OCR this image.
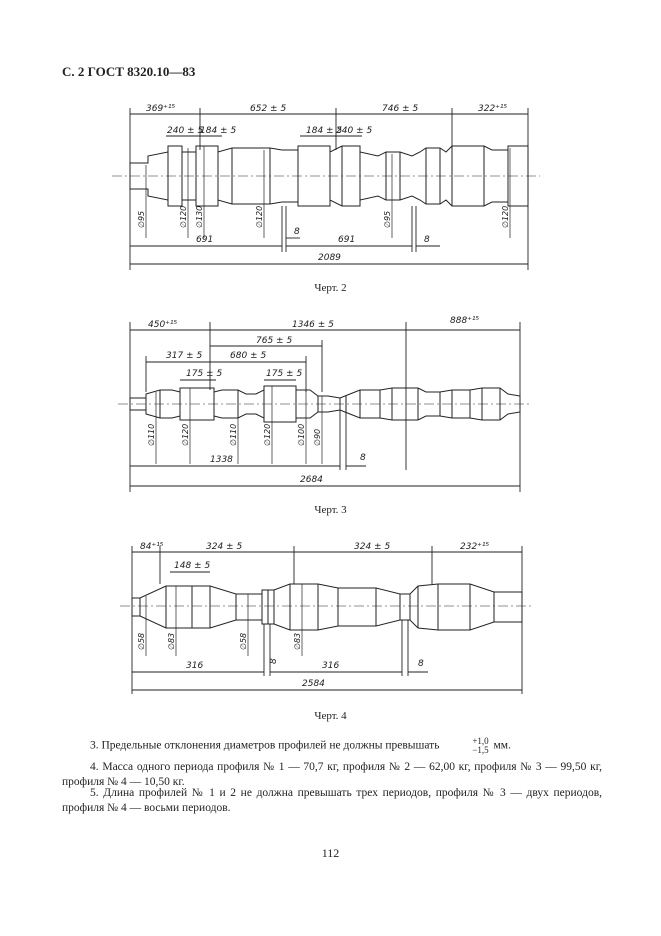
С. 2 ГОСТ 8320.10—83
369⁺¹⁵	652 ± 5	746 ± 5	322⁺¹⁵
240 ± 5
184 ± 5	184 ± 5
240 ± 5
∅95	∅120 ∅130	∅120	∅95	∅120
691
8
691	8
2089
Черт. 2
450⁺¹⁵	1346 ± 5	888⁺¹⁵
765 ± 5
317 ± 5	680 ± 5
175 ± 5	175 ± 5
∅110	∅120	∅110	∅120	∅100 ∅90
1338	8
2684
Черт. 3
84⁺¹⁵	324 ± 5	324 ± 5	232⁺¹⁵
148 ± 5
∅58	∅83	∅58	∅83
316	8	316	8
2584
Черт. 4
3. Предельные отклонения диаметров профилей не должны превышать	+1,0
−1,5 мм.
4. Масса одного периода профиля № 1 — 70,7 кг, профиля № 2 — 62,00 кг, профиля № 3 — 99,50 кг, профиля № 4 — 10,50 кг.
5. Длина профилей № 1 и 2 не должна превышать трех периодов, профиля № 3 — двух периодов, профиля № 4 — восьми периодов.
112
